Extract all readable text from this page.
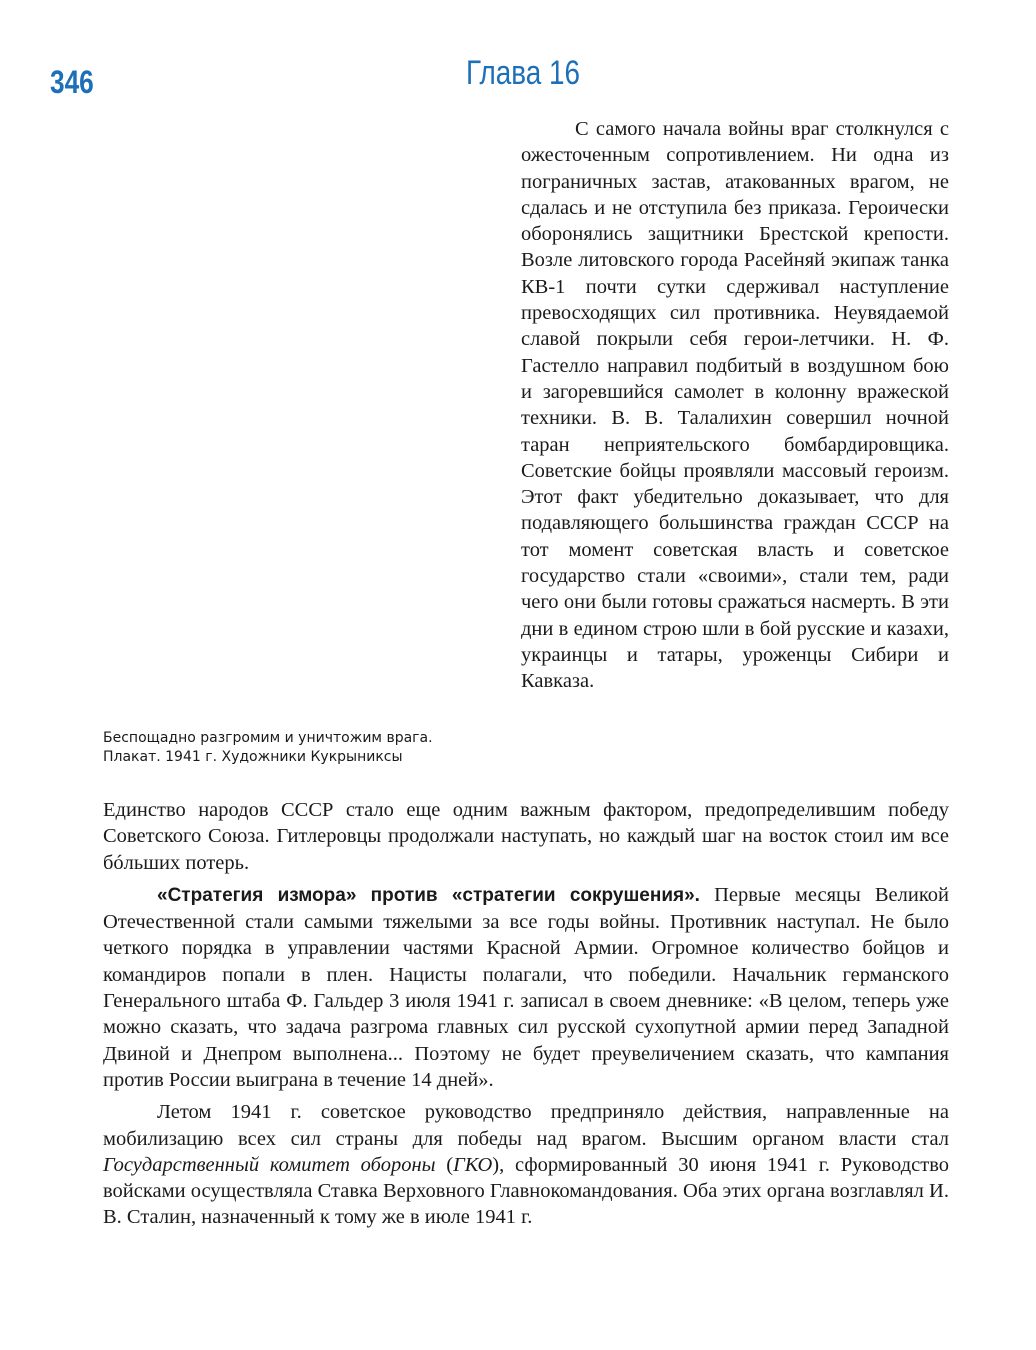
346	Глава 16
Беспощадно разгромим и уничтожим врага.
Плакат. 1941 г. Художники Кукрыниксы

С самого начала войны враг столкнулся с ожесточенным сопротивлением. Ни одна из пограничных застав, атакованных врагом, не сдалась и не отступила без приказа. Героически оборонялись защитники Брестской крепости. Возле литовского города Расейняй экипаж танка КВ-1 почти сутки сдерживал наступление превосходящих сил противника. Неувядаемой славой покрыли себя герои-летчики. Н. Ф. Гастелло направил подбитый в воздушном бою и загоревшийся самолет в колонну вражеской техники. В. В. Талалихин совершил ночной таран неприятельского бомбардировщика. Советские бойцы проявляли массовый героизм. Этот факт убедительно доказывает, что для подавляющего большинства граждан СССР на тот момент советская власть и советское государство стали «своими», стали тем, ради чего они были готовы сражаться насмерть. В эти дни в едином строю шли в бой русские и казахи, украинцы и татары, уроженцы Сибири и Кавказа.

Единство народов СССР стало еще одним важным фактором, предопределившим победу Советского Союза. Гитлеровцы продолжали наступать, но каждый шаг на восток стоил им все бóльших потерь.

«Стратегия измора» против «стратегии сокрушения». Первые месяцы Великой Отечественной стали самыми тяжелыми за все годы войны. Противник наступал. Не было четкого порядка в управлении частями Красной Армии. Огромное количество бойцов и командиров попали в плен. Нацисты полагали, что победили. Начальник германского Генерального штаба Ф. Гальдер 3 июля 1941 г. записал в своем дневнике: «В целом, теперь уже можно сказать, что задача разгрома главных сил русской сухопутной армии перед Западной Двиной и Днепром выполнена... Поэтому не будет преувеличением сказать, что кампания против России выиграна в течение 14 дней».

Летом 1941 г. советское руководство предприняло действия, направленные на мобилизацию всех сил страны для победы над врагом. Высшим органом власти стал Государственный комитет обороны (ГКО), сформированный 30 июня 1941 г. Руководство войсками осуществляла Ставка Верховного Главнокомандования. Оба этих органа возглавлял И. В. Сталин, назначенный к тому же в июле 1941 г.
